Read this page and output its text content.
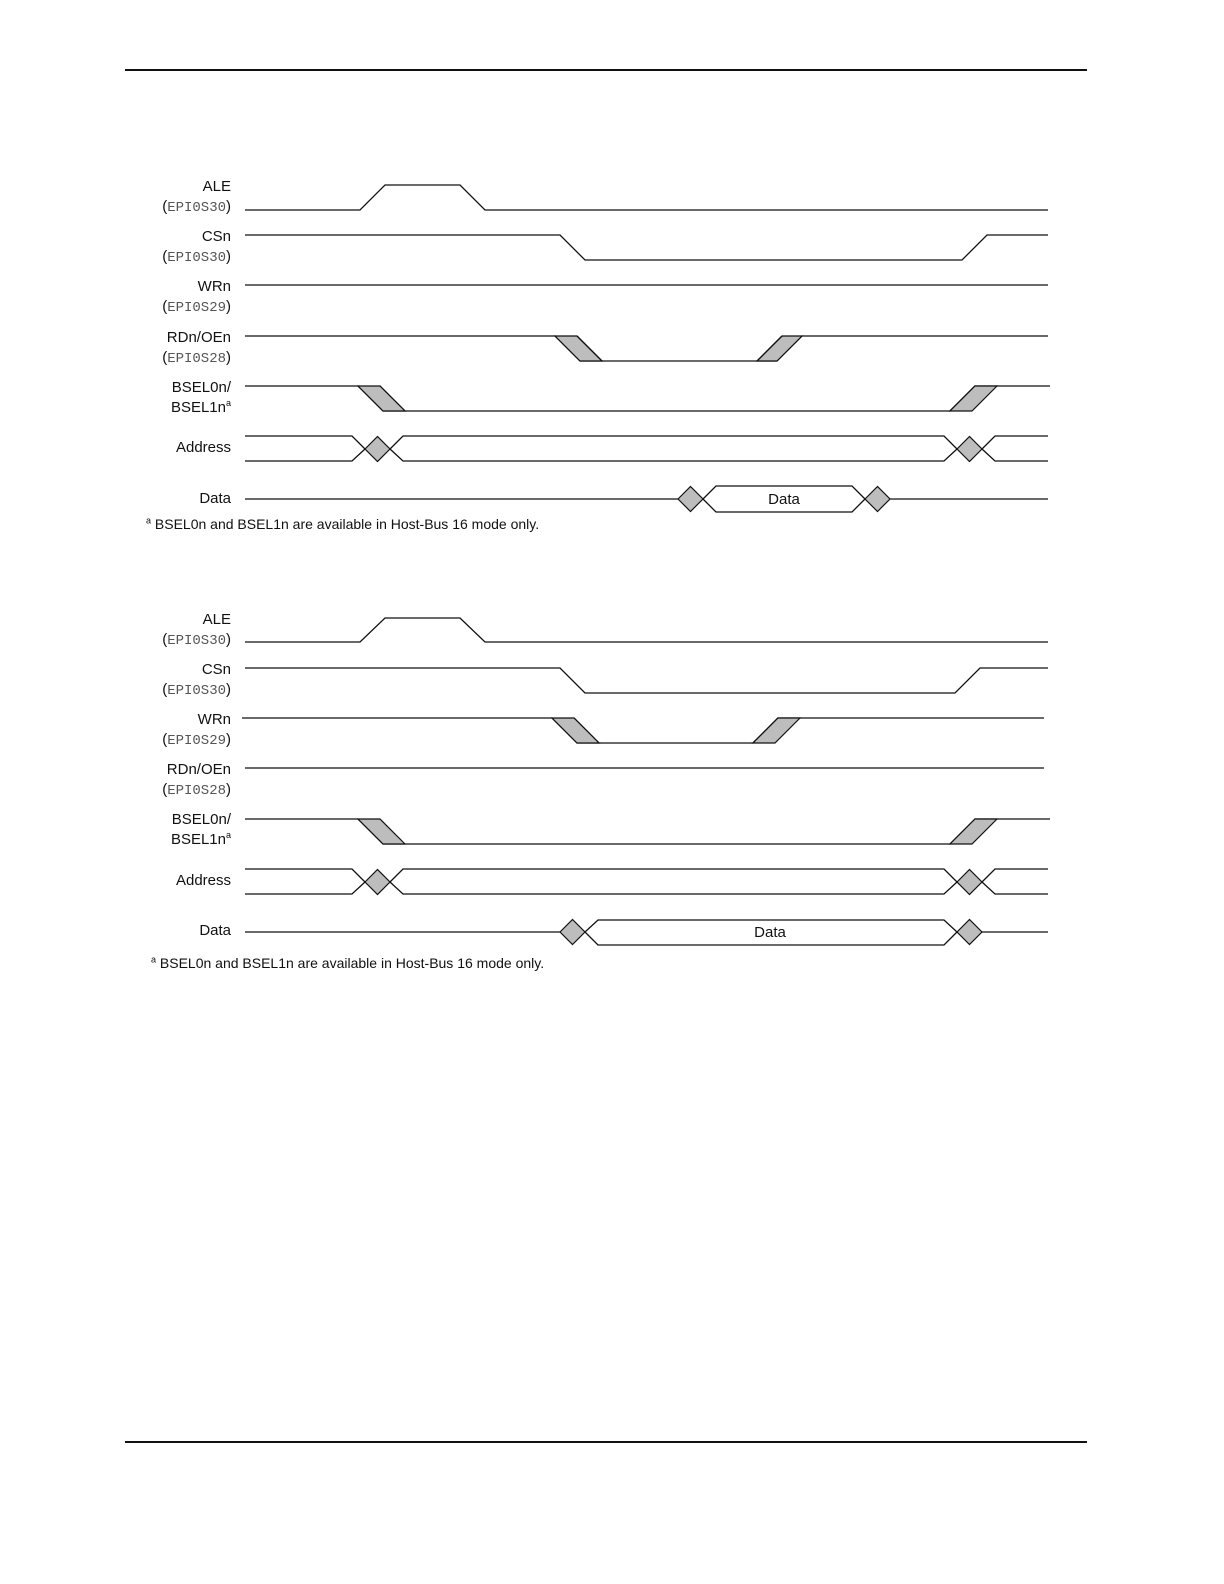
Data
ALE
(EPI0S30)
CSn
(EPI0S30)
WRn
(EPI0S29)
RDn/OEn
(EPI0S28)
BSEL0n/
$BSEL1n^a$
Address
Data
$^a$ BSEL0n and BSEL1n are available in Host-Bus 16 mode only.
Data
ALE
(EPI0S30)
CSn
(EPI0S30)
WRn
(EPI0S29)
RDn/OEn
(EPI0S28)
BSEL0n/
$BSEL1n^a$
Address
Data
$^a$ BSEL0n and BSEL1n are available in Host-Bus 16 mode only.
